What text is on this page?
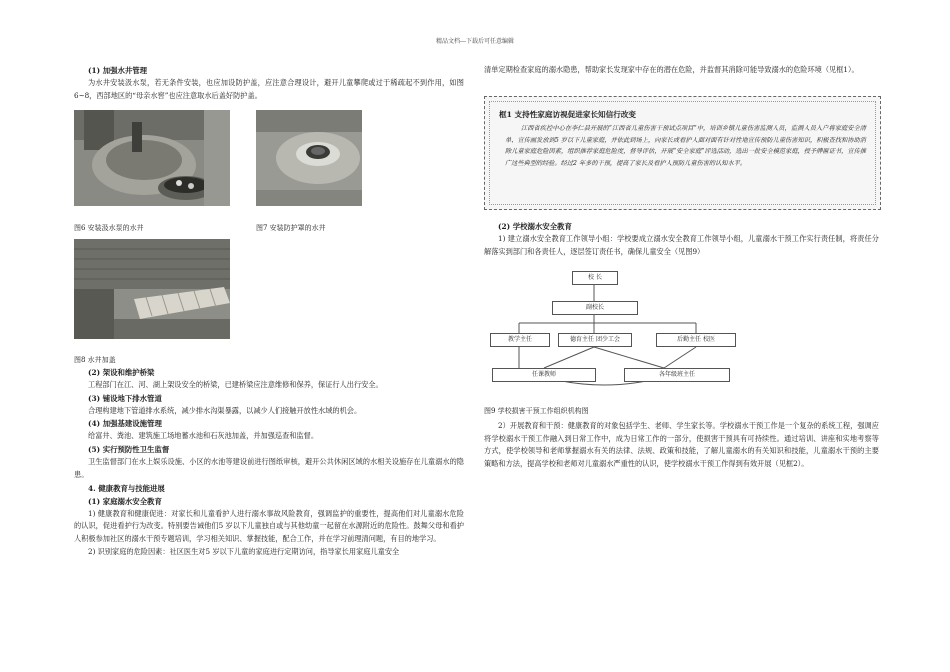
精品文档---下载后可任意编辑

(1) 加强水井管理

为水井安装汲水泵，若无条件安装，也应加设防护盖，应注意合理设计，避开儿童攀爬或过于稀疏起不到作用，如图6~8，西部地区的“母亲水窖”也应注意取水后盖好防护盖。

图6 安装汲水泵的水井	图7 安装防护罩的水井
图8 水井加盖

(2) 架设和维护桥梁

工程部门在江、河、湖上架设安全的桥梁，已建桥梁应注意维修和保养，保证行人出行安全。

(3) 铺设地下排水管道

合理构建地下管道排水系统，减少排水沟渠暴露，以减少人们接触开放性水域的机会。

(4) 加强基建设施管理

给富井、粪池、建筑施工场地蓄水池和石灰池加盖，并加强巡查和监督。

(5) 实行预防性卫生监督

卫生监督部门在水上娱乐设施、小区的水池等建设前进行图纸审核，避开公共休闲区域的水相关设施存在儿童溺水的隐患。

4. 健康教育与技能进展

(1) 家庭溺水安全教育

1) 健康教育和健康促进：对家长和儿童看护人进行溺水事故风险教育，强调监护的重要性，提高他们对儿童溺水危险的认识，促进看护行为改变。特别要告诫他们5 岁以下儿童独自或与其他幼童一起留在水源附近的危险性。鼓舞父母和看护人积极参加社区的溺水干预专题培训，学习相关知识、掌握技能，配合工作，并在学习前理清问题，有目的地学习。

2) 识别家庭的危险因素：社区医生对5 岁以下儿童的家庭进行定期访问，指导家长用家庭儿童安全

清单定期检查家庭的溺水隐患，帮助家长发现家中存在的潜在危险，并监督其消除可能导致溺水的危险环境（见框1）。

框1 支持性家庭访视促进家长知信行改变
江西省疾控中心在李仁县开展的“江西省儿童伤害干预试点项目”中，培训乡镇儿童伤害监测人员，监测人员入户将家庭安全清单、宣传画发放到5 岁以下儿童家庭，并依此到场上，向家长或看护人面对面有针对性地宣传预防儿童伤害知识，积极查找和协助消除儿童家庭危险因素，组织推荐家庭危险度，督导评估，开展“安全家庭”评选活动，选出一批安全模范家庭，授予牌匾证书，宣传推广这些典型的经验。经过2 年多的干预，提高了家长及看护人预防儿童伤害的认知水平。

(2) 学校溺水安全教育

1) 建立溺水安全教育工作领导小组：学校要成立溺水安全教育工作领导小组，儿童溺水干预工作实行责任制，将责任分解落实到部门和各责任人，逐层签订责任书，确保儿童安全（见图9）

校 长
副校长
教学主任	德育主任 团少工会	后勤主任 校医
任课教师	各年级班主任
图9 学校损害干预工作组织机构图

2）开展教育和干预：健康教育的对象包括学生、老师、学生家长等。学校溺水干预工作是一个复杂的系统工程，强调应将学校溺水干预工作融入到日常工作中，成为日常工作的一部分，使损害干预具有可持续性。通过培训、讲座和实地考察等方式，使学校领导和老师掌握溺水有关的法律、法规、政策和技能，了解儿童溺水的有关知识和技能，儿童溺水干预的主要策略和方法，提高学校和老师对儿童溺水严重性的认识，使学校溺水干预工作得到有效开展（见框2）。
